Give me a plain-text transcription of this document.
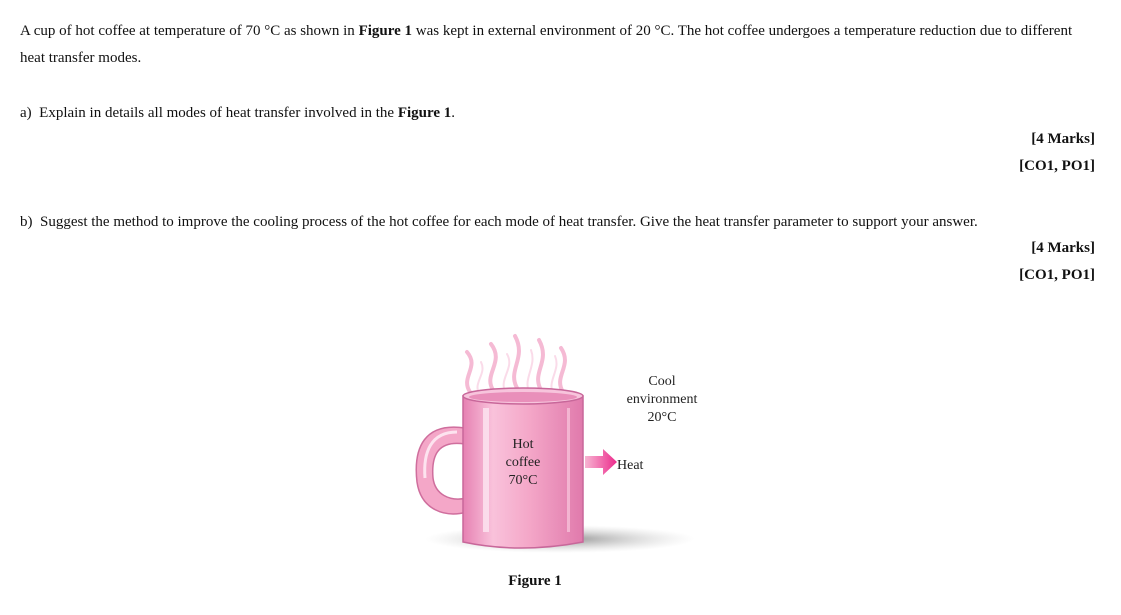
A cup of hot coffee at temperature of 70 °C as shown in Figure 1 was kept in external environment of 20 °C. The hot coffee undergoes a temperature reduction due to different
heat transfer modes.
a) Explain in details all modes of heat transfer involved in the Figure 1.
[4 Marks]
[CO1, PO1]
b) Suggest the method to improve the cooling process of the hot coffee for each mode of heat transfer. Give the heat transfer parameter to support your answer.
[4 Marks]
[CO1, PO1]
Hot
coffee
70°C
Cool
environment
20°C
Heat
Figure 1
